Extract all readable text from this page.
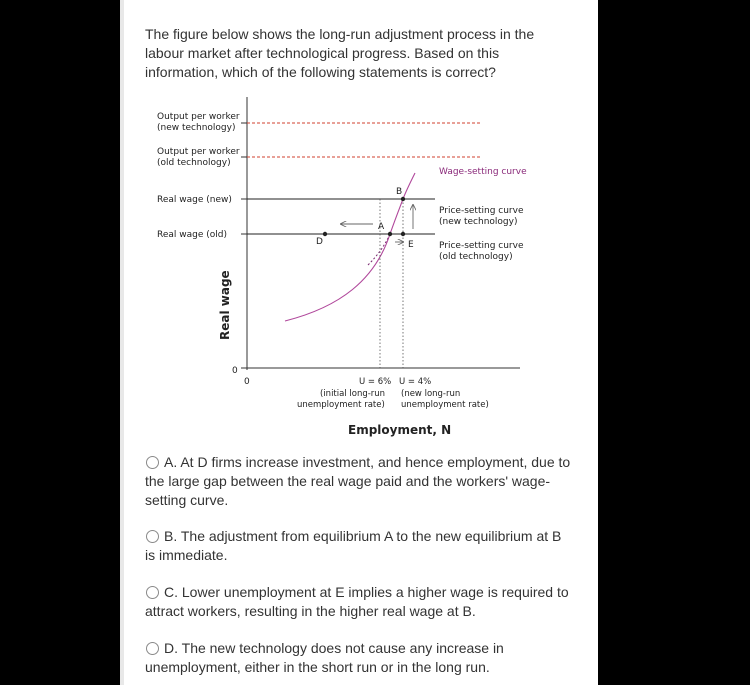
The figure below shows the long-run adjustment process in the labour market after technological progress. Based on this information, which of the following statements is correct?

A
B
D	E
Output per worker
(new technology)
Output per worker
(old technology)
Real wage (new)
Real wage (old)
0
Real wage
Wage-setting curve
Price-setting curve
(new technology)
Price-setting curve
(old technology)
0	U = 6% U = 4%
(initial long-run
unemployment rate)
(new long-run
unemployment rate)
Employment, N
A. At D firms increase investment, and hence employment, due to the large gap between the real wage paid and the workers' wage-setting curve.
B. The adjustment from equilibrium A to the new equilibrium at B is immediate.
C. Lower unemployment at E implies a higher wage is required to attract workers, resulting in the higher real wage at B.
D. The new technology does not cause any increase in unemployment, either in the short run or in the long run.
